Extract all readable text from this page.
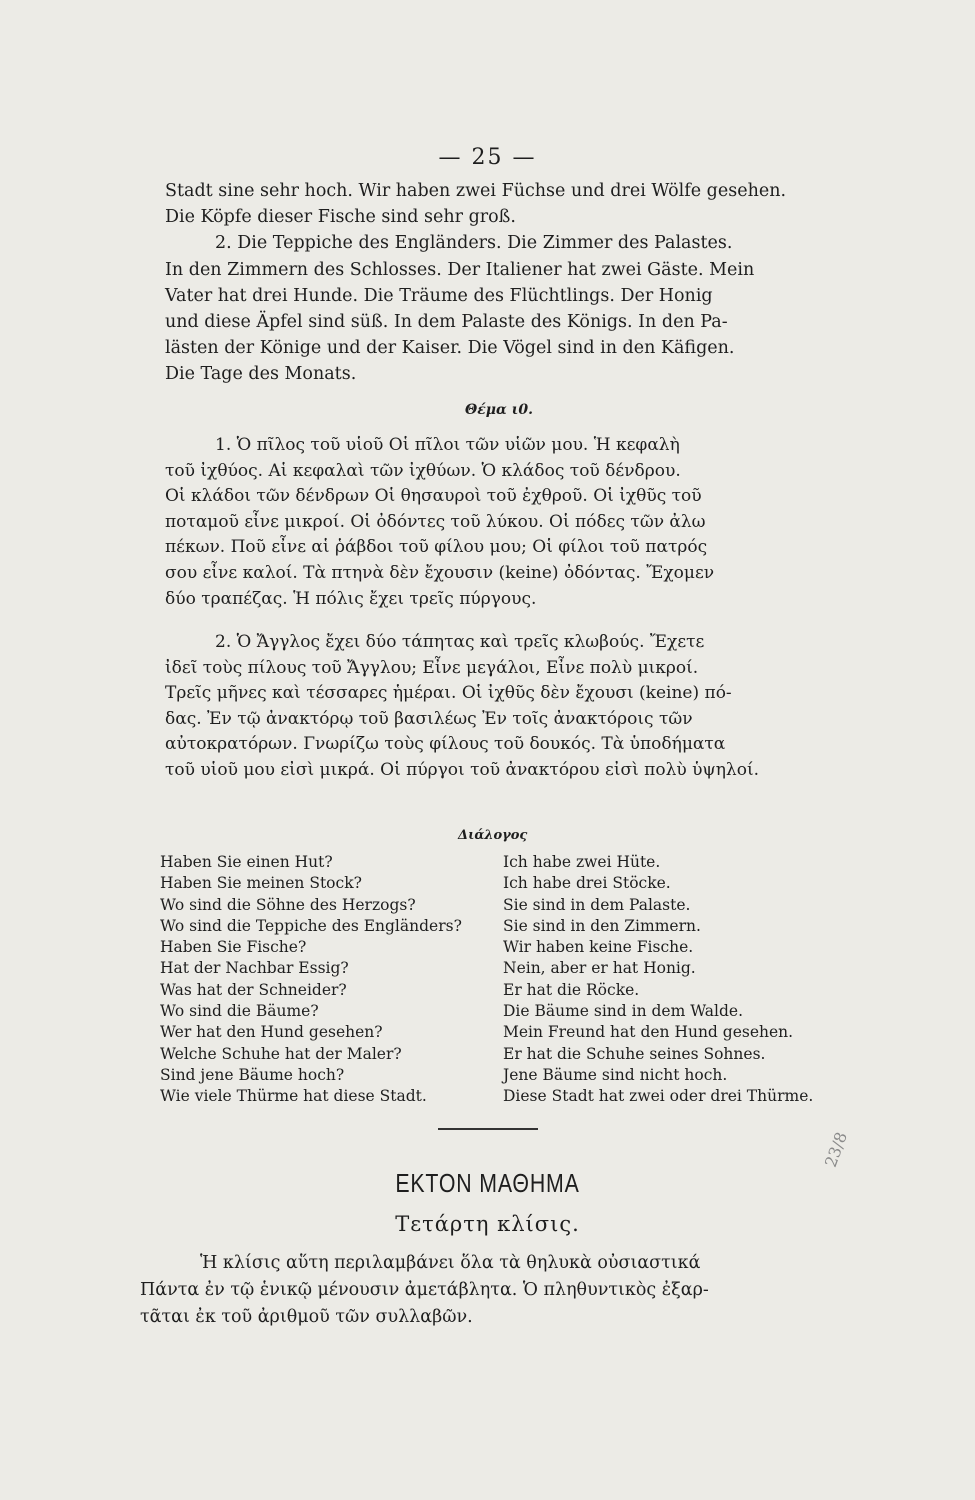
— 25 —
Stadt sine sehr hoch. Wir haben zwei Füchse und drei Wölfe gesehen.
Die Köpfe dieser Fische sind sehr groß.
2. Die Teppiche des Engländers. Die Zimmer des Palastes.
In den Zimmern des Schlosses. Der Italiener hat zwei Gäste. Mein
Vater hat drei Hunde. Die Träume des Flüchtlings. Der Honig
und diese Äpfel sind süß. In dem Palaste des Königs. In den Pa-
lästen der Könige und der Kaiser. Die Vögel sind in den Käfigen.
Die Tage des Monats.
Θέμα ι0.
1. Ὁ πῖλος τοῦ υἱοῦ Οἱ πῖλοι τῶν υἱῶν μου. Ἡ κεφαλὴ
τοῦ ἰχθύος. Αἱ κεφαλαὶ τῶν ἰχθύων. Ὁ κλάδος τοῦ δένδρου.
Οἱ κλάδοι τῶν δένδρων Οἱ θησαυροὶ τοῦ ἐχθροῦ. Οἱ ἰχθῦς τοῦ
ποταμοῦ εἶνε μικροί. Οἱ ὀδόντες τοῦ λύκου. Οἱ πόδες τῶν ἀλω
πέκων. Ποῦ εἶνε αἱ ῥάβδοι τοῦ φίλου μου; Οἱ φίλοι τοῦ πατρός
σου εἶνε καλοί. Τὰ πτηνὰ δὲν ἔχουσιν (keine) ὀδόντας. Ἔχομεν
δύο τραπέζας. Ἡ πόλις ἔχει τρεῖς πύργους.
2. Ὁ Ἄγγλος ἔχει δύο τάπητας καὶ τρεῖς κλωβούς. Ἔχετε
ἰδεῖ τοὺς πίλους τοῦ Ἄγγλου; Εἶνε μεγάλοι, Εἶνε πολὺ μικροί.
Τρεῖς μῆνες καὶ τέσσαρες ἡμέραι. Οἱ ἰχθῦς δὲν ἔχουσι (keine) πό-
δας. Ἐν τῷ ἀνακτόρῳ τοῦ βασιλέως Ἐν τοῖς ἀνακτόροις τῶν
αὐτοκρατόρων. Γνωρίζω τοὺς φίλους τοῦ δουκός. Τὰ ὑποδήματα
τοῦ υἱοῦ μου εἰσὶ μικρά. Οἱ πύργοι τοῦ ἀνακτόρου εἰσὶ πολὺ ὑψηλοί.
Διάλογος
Haben Sie einen Hut?
Haben Sie meinen Stock?
Wo sind die Söhne des Herzogs?
Wo sind die Teppiche des Engländers?
Haben Sie Fische?
Hat der Nachbar Essig?
Was hat der Schneider?
Wo sind die Bäume?
Wer hat den Hund gesehen?
Welche Schuhe hat der Maler?
Sind jene Bäume hoch?
Wie viele Thürme hat diese Stadt.
Ich habe zwei Hüte.
Ich habe drei Stöcke.
Sie sind in dem Palaste.
Sie sind in den Zimmern.
Wir haben keine Fische.
Nein, aber er hat Honig.
Er hat die Röcke.
Die Bäume sind in dem Walde.
Mein Freund hat den Hund gesehen.
Er hat die Schuhe seines Sohnes.
Jene Bäume sind nicht hoch.
Diese Stadt hat zwei oder drei Thürme.
23/8
ΕΚΤΟΝ ΜΑΘΗΜΑ
Τετάρτη κλίσις.
Ἡ κλίσις αὕτη περιλαμβάνει ὅλα τὰ θηλυκὰ οὐσιαστικά
Πάντα ἐν τῷ ἑνικῷ μένουσιν ἀμετάβλητα. Ὁ πληθυντικὸς ἐξαρ-
τᾶται ἐκ τοῦ ἀριθμοῦ τῶν συλλαβῶν.
